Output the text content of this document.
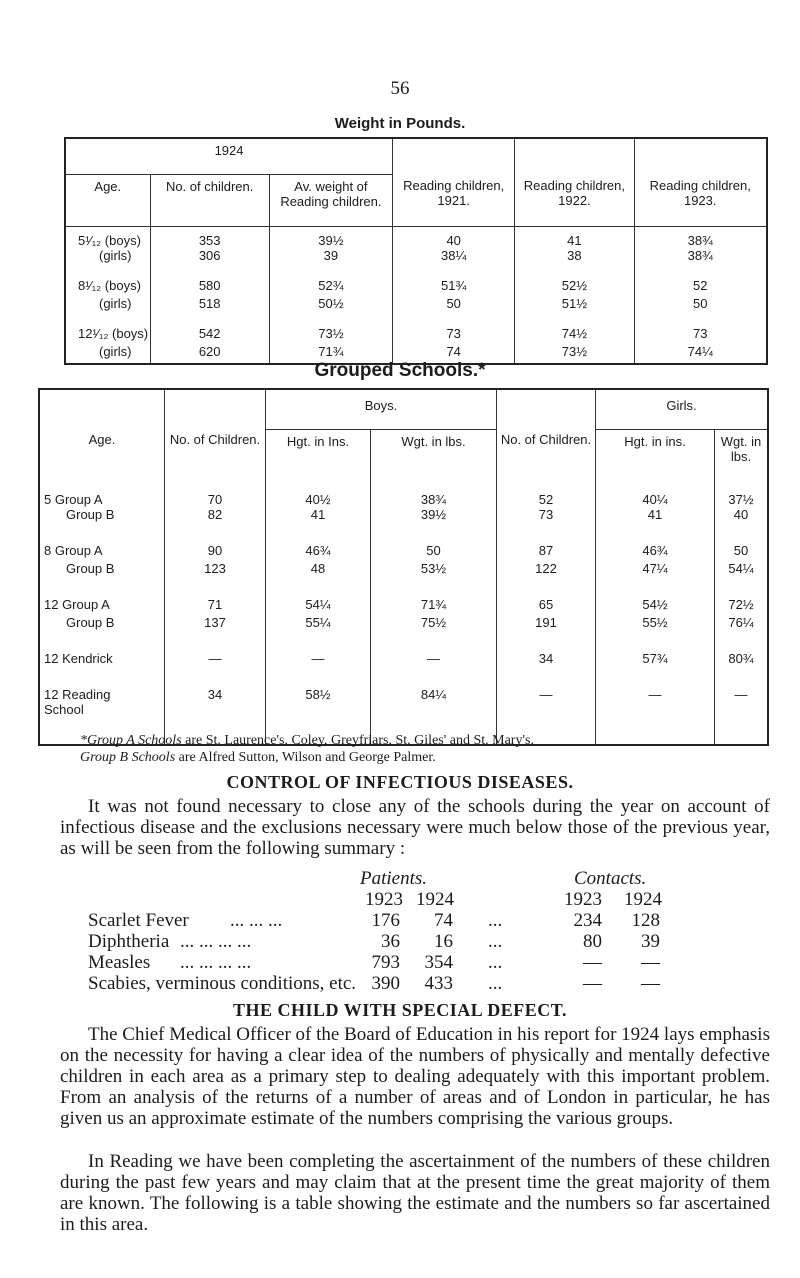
56
Weight in Pounds.
1924					
Age.	No. of children.	Av. weight of Reading children.	Reading children, 1921.	Reading children, 1922.	Reading children, 1923.
5¹⁄₁₂ (boys)	353	39½	40	41	38¾
(girls)	306	39	38¼	38	38¾
8¹⁄₁₂ (boys)	580	52¾	51¾	52½	52
(girls)	518	50½	50	51½	50
12¹⁄₁₂ (boys)	542	73½	73	74½	73
(girls)	620	71¾	74	73½	74¼
Grouped Schools.*
Age.	No. of Children.	Boys.		No. of Children.	Girls.	
		Hgt. in Ins.	Wgt. in lbs.		Hgt. in ins.	Wgt. in lbs.
5 Group A	70	40½	38¾	52	40¼	37½
Group B	82	41	39½	73	41	40
8 Group A	90	46¾	50	87	46¾	50
Group B	123	48	53½	122	47¼	54¼
12 Group A	71	54¼	71¾	65	54½	72½
Group B	137	55¼	75½	191	55½	76¼
12 Kendrick	—	—	—	34	57¾	80¾
12 Reading School	34	58½	84¼	—	—	—
*Group A Schools are St. Laurence's, Coley, Greyfriars, St. Giles' and St. Mary's.
Group B Schools are Alfred Sutton, Wilson and George Palmer.
CONTROL OF INFECTIOUS DISEASES.
It was not found necessary to close any of the schools during the year on account of infectious disease and the exclusions necessary were much below those of the previous year, as will be seen from the following summary :
Patients.	Contacts.
1923 1924	1923 1924
Scarlet Fever ... ... ...	176	74 ...	234	128
Diphtheria ... ... ... ...	36	16 ...	80	39
Measles ... ... ... ...	793	354 ...	—	—
Scabies, verminous conditions, etc. 390	433 ...	—	—
THE CHILD WITH SPECIAL DEFECT.
The Chief Medical Officer of the Board of Education in his report for 1924 lays emphasis on the necessity for having a clear idea of the numbers of physically and mentally defective children in each area as a primary step to dealing adequately with this important problem. From an analysis of the returns of a number of areas and of London in particular, he has given us an approximate estimate of the numbers comprising the various groups.
In Reading we have been completing the ascertainment of the numbers of these children during the past few years and may claim that at the present time the great majority of them are known. The following is a table showing the estimate and the numbers so far ascertained in this area.
